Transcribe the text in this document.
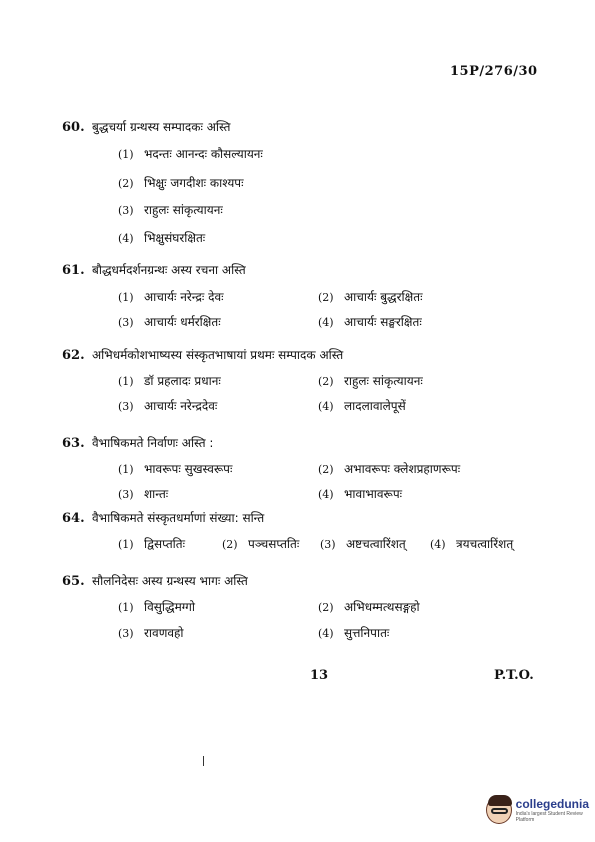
15P/276/30
60. बुद्धचर्या ग्रन्थस्य सम्पादकः अस्ति
(1) भदन्तः आनन्दः कौसल्यायनः
(2) भिक्षुः जगदीशः काश्यपः
(3) राहुलः सांकृत्यायनः
(4) भिक्षुसंघरक्षितः
61. बौद्धधर्मदर्शनग्रन्थः अस्य रचना अस्ति
(1) आचार्यः नरेन्द्रः देवः	(2) आचार्यः बुद्धरक्षितः
(3) आचार्यः धर्मरक्षितः	(4) आचार्यः सङ्घरक्षितः
62. अभिधर्मकोशभाष्यस्य संस्कृतभाषायां प्रथमः सम्पादक अस्ति
(1) डॉ प्रहलादः प्रधानः	(2) राहुलः सांकृत्यायनः
(3) आचार्यः नरेन्द्रदेवः	(4) लादलावालेपूसें
63. वैभाषिकमते निर्वाणः अस्ति :
(1) भावरूपः सुखस्वरूपः	(2) अभावरूपः क्लेशप्रहाणरूपः
(3) शान्तः	(4) भावाभावरूपः
64. वैभाषिकमते संस्कृतधर्माणां संख्या: सन्ति
(1) द्विसप्ततिः	(2) पञ्चसप्ततिः (3) अष्टचत्वारिंशत् (4) त्रयचत्वारिंशत्
65. सौलनिदेसः अस्य ग्रन्थस्य भागः अस्ति
(1) विसुद्धिमग्गो	(2) अभिधम्मत्थसङ्गहो
(3) रावणवहो	(4) सुत्तनिपातः
13	P.T.O.
collegedunia
India's largest Student Review Platform
